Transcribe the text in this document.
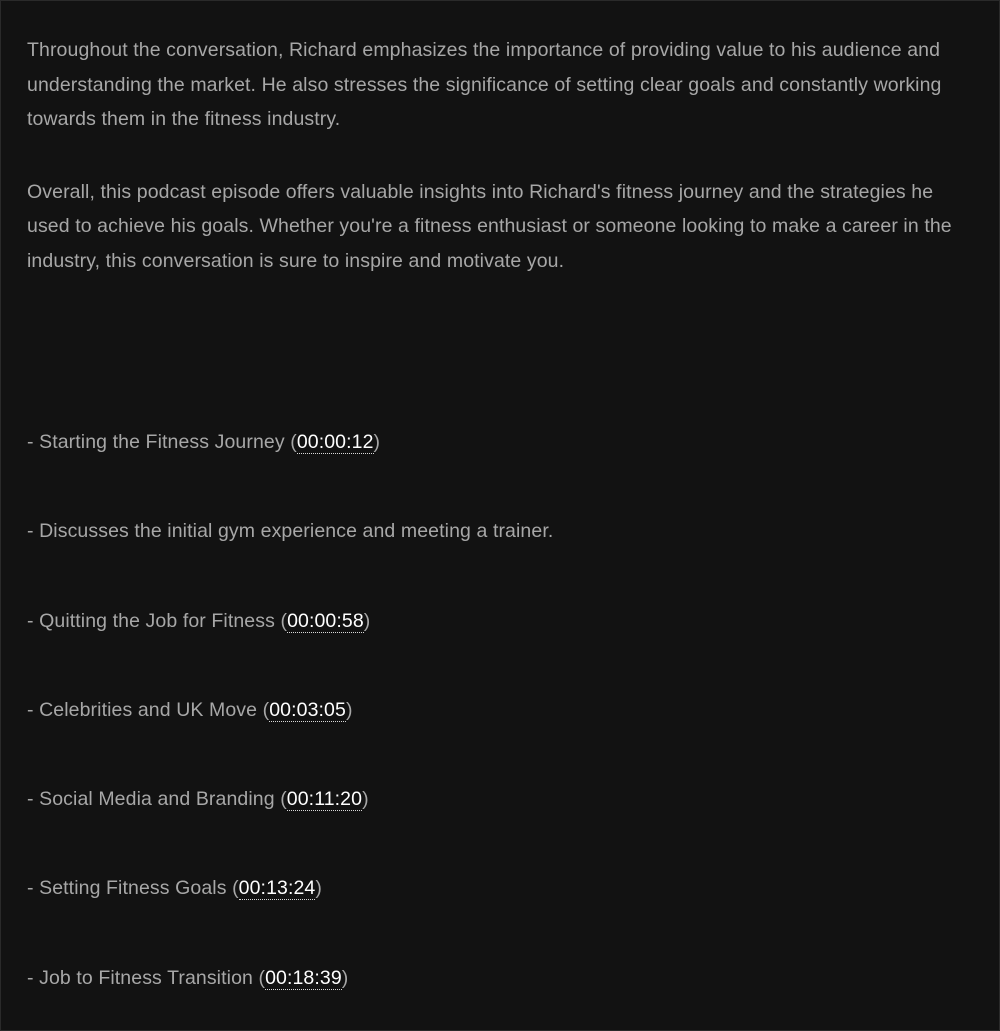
Throughout the conversation, Richard emphasizes the importance of providing value to his audience and understanding the market. He also stresses the significance of setting clear goals and constantly working towards them in the fitness industry.

Overall, this podcast episode offers valuable insights into Richard's fitness journey and the strategies he used to achieve his goals. Whether you're a fitness enthusiast or someone looking to make a career in the industry, this conversation is sure to inspire and motivate you.

- Starting the Fitness Journey (00:00:12)
- Discusses the initial gym experience and meeting a trainer.
- Quitting the Job for Fitness (00:00:58)
- Celebrities and UK Move (00:03:05)
- Social Media and Branding (00:11:20)
- Setting Fitness Goals (00:13:24)
- Job to Fitness Transition (00:18:39)
